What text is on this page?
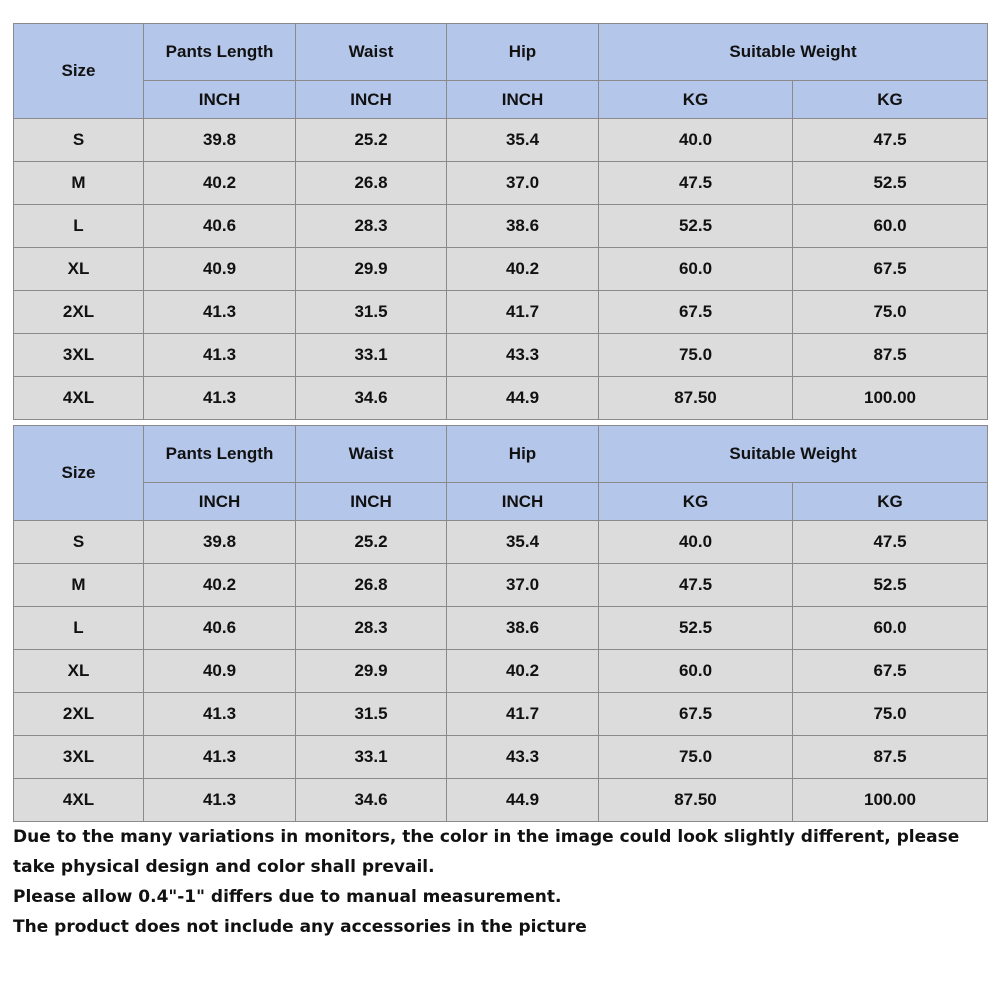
Size	Pants Length	Waist	Hip	Suitable Weight	
	INCH	INCH	INCH	KG	KG
S	39.8	25.2	35.4	40.0	47.5
M	40.2	26.8	37.0	47.5	52.5
L	40.6	28.3	38.6	52.5	60.0
XL	40.9	29.9	40.2	60.0	67.5
2XL	41.3	31.5	41.7	67.5	75.0
3XL	41.3	33.1	43.3	75.0	87.5
4XL	41.3	34.6	44.9	87.50	100.00
Size	Pants Length	Waist	Hip	Suitable Weight	
	INCH	INCH	INCH	KG	KG
S	39.8	25.2	35.4	40.0	47.5
M	40.2	26.8	37.0	47.5	52.5
L	40.6	28.3	38.6	52.5	60.0
XL	40.9	29.9	40.2	60.0	67.5
2XL	41.3	31.5	41.7	67.5	75.0
3XL	41.3	33.1	43.3	75.0	87.5
4XL	41.3	34.6	44.9	87.50	100.00

Due to the many variations in monitors, the color in the image could look slightly different, please take physical design and color shall prevail.

Please allow 0.4"-1" differs due to manual measurement.

The product does not include any accessories in the picture
